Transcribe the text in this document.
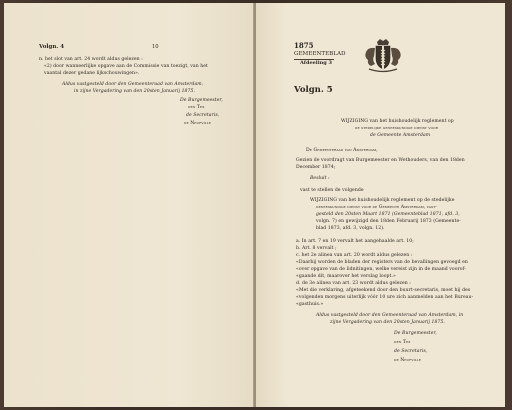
Volgn. 4	10
n. het slot van art. 24 wordt aldus gelezen :
«2) door wanneerlijke opgave aan de Commissie van toezigt, van het
vaantal dezer gedane lijkschouwingen».
Aldus vastgesteld door den Gemeenteraad van Amsterdam,
in zijne Vergadering van den 20sten Januarij 1875.
De Burgemeester,
den Tex
de Secretaris,
de Neufville
1875
GEMEENTEBLAD
Afdeeling 3
Volgn. 5
WIJZIGING van het huishoudelijk reglement op
de stedelijke geneeskundige dienst voor
de Gemeente Amsterdam
De Gemeenteraad van Amsterdam,
Gezien de voordragt van Burgemeester en Wethouders, van den 18den
December 1874;
Besluit :
vast te stellen de volgende
WIJZIGING van het huishoudelijk reglement op de stedelijke
geneeskundige dienst voor de Gemeente Amsterdam, vast-
gesteld den 20sten Maart 1871 (Gemeenteblad 1871, afd. 3,
volgn. 7) en gewijzigd den 18den Februarij 1873 (Gemeente-
blad 1873, afd. 3, volgn. 12).
a. In art. 7 en 19 vervalt het aangehaalde art. 10;
b. Art. 8 vervalt ;
c. het 2e alinea van art. 20 wordt aldus gelezen :
«Daarbij worden de bladen der registers van de bevallingen gevoegd en
«over opgave van de lidnitingen, welke vereist zijn in de maand voorof-
«gaande dit, maarover het verslag loopt.»
d. de 3e alinea van art. 23 wordt aldus gelezen :
«Met die verklaring, afgeteekend door den buurt-secretaris, moet hij des
«volgenden morgens uiterlijk vóór 10 ure zich aanmelden aan het Bureau-
«gasthuis.»
Aldus vastgesteld door den Gemeenteraad van Amsterdam, in
zijne Vergadering van den 20sten Januarij 1875.
De Burgemeester,
den Tex
de Secretaris,
de Neufville
